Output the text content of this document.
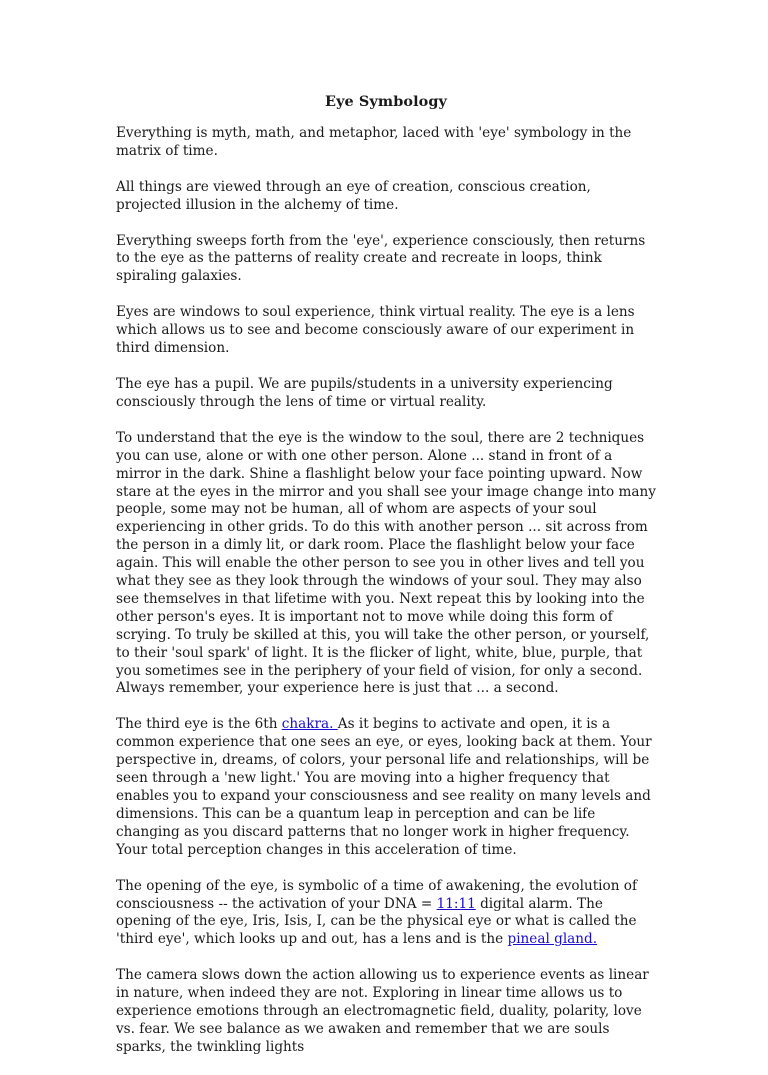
Eye Symbology

Everything is myth, math, and metaphor, laced with 'eye' symbology in the matrix of time.

All things are viewed through an eye of creation, conscious creation, projected illusion in the alchemy of time.

Everything sweeps forth from the 'eye', experience consciously, then returns to the eye as the patterns of reality create and recreate in loops, think spiraling galaxies.

Eyes are windows to soul experience, think virtual reality. The eye is a lens which allows us to see and become consciously aware of our experiment in third dimension.

The eye has a pupil. We are pupils/students in a university experiencing consciously through the lens of time or virtual reality.

To understand that the eye is the window to the soul, there are 2 techniques you can use, alone or with one other person. Alone ... stand in front of a mirror in the dark. Shine a flashlight below your face pointing upward. Now stare at the eyes in the mirror and you shall see your image change into many people, some may not be human, all of whom are aspects of your soul experiencing in other grids. To do this with another person ... sit across from the person in a dimly lit, or dark room. Place the flashlight below your face again. This will enable the other person to see you in other lives and tell you what they see as they look through the windows of your soul. They may also see themselves in that lifetime with you. Next repeat this by looking into the other person's eyes. It is important not to move while doing this form of scrying. To truly be skilled at this, you will take the other person, or yourself, to their 'soul spark' of light. It is the flicker of light, white, blue, purple, that you sometimes see in the periphery of your field of vision, for only a second. Always remember, your experience here is just that ... a second.

The third eye is the 6th chakra. As it begins to activate and open, it is a common experience that one sees an eye, or eyes, looking back at them. Your perspective in, dreams, of colors, your personal life and relationships, will be seen through a 'new light.' You are moving into a higher frequency that enables you to expand your consciousness and see reality on many levels and dimensions. This can be a quantum leap in perception and can be life changing as you discard patterns that no longer work in higher frequency. Your total perception changes in this acceleration of time.

The opening of the eye, is symbolic of a time of awakening, the evolution of consciousness -- the activation of your DNA = 11:11 digital alarm. The opening of the eye, Iris, Isis, I, can be the physical eye or what is called the 'third eye', which looks up and out, has a lens and is the pineal gland.

The camera slows down the action allowing us to experience events as linear in nature, when indeed they are not. Exploring in linear time allows us to experience emotions through an electromagnetic field, duality, polarity, love vs. fear. We see balance as we awaken and remember that we are souls sparks, the twinkling lights
